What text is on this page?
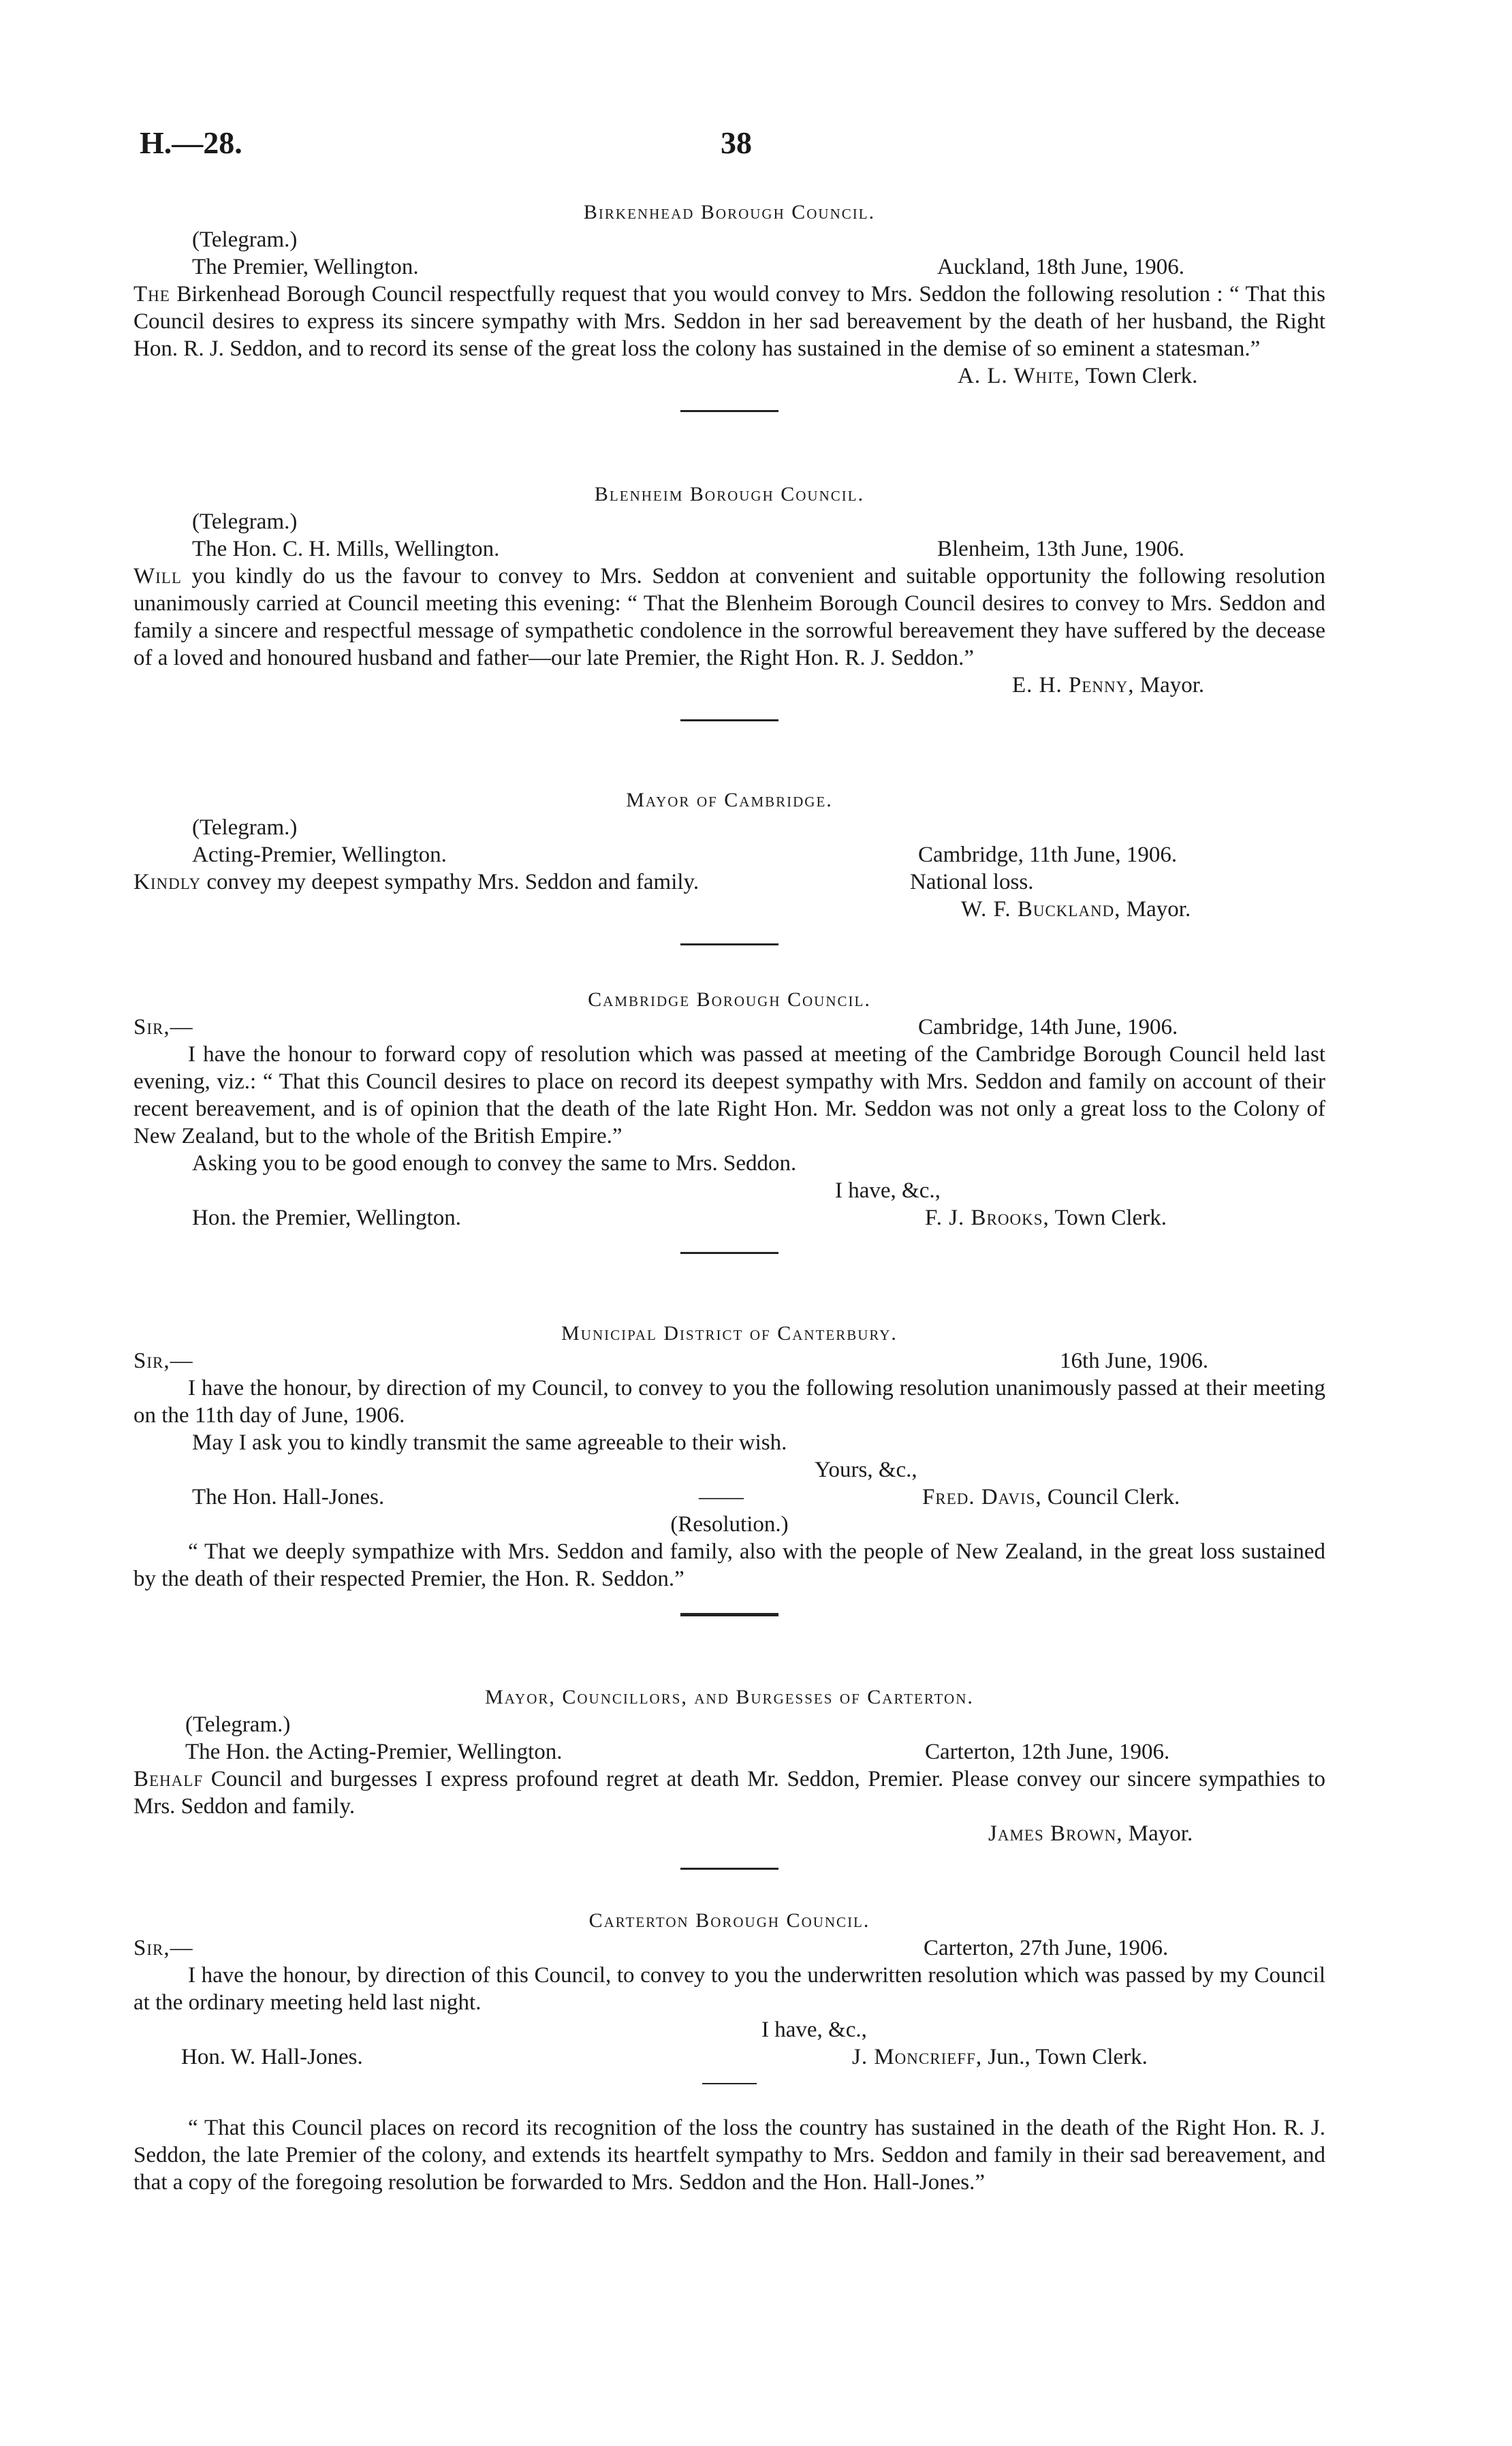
H.—28.	38
Birkenhead Borough Council.
(Telegram.)
The Premier, Wellington.	Auckland, 18th June, 1906.
The Birkenhead Borough Council respectfully request that you would convey to Mrs. Seddon the following resolution : “ That this Council desires to express its sincere sympathy with Mrs. Seddon in her sad bereavement by the death of her husband, the Right Hon. R. J. Seddon, and to record its sense of the great loss the colony has sustained in the demise of so eminent a statesman.”
A. L. White, Town Clerk.
Blenheim Borough Council.
(Telegram.)
The Hon. C. H. Mills, Wellington.	Blenheim, 13th June, 1906.
Will you kindly do us the favour to convey to Mrs. Seddon at convenient and suitable opportunity the following resolution unanimously carried at Council meeting this evening: “ That the Blenheim Borough Council desires to convey to Mrs. Seddon and family a sincere and respectful message of sympathetic condolence in the sorrowful bereavement they have suffered by the decease of a loved and honoured husband and father—our late Premier, the Right Hon. R. J. Seddon.”
E. H. Penny, Mayor.
Mayor of Cambridge.
(Telegram.)
Acting-Premier, Wellington.	Cambridge, 11th June, 1906.
Kindly convey my deepest sympathy Mrs. Seddon and family.	National loss.
W. F. Buckland, Mayor.
Cambridge Borough Council.
Sir,—	Cambridge, 14th June, 1906.
I have the honour to forward copy of resolution which was passed at meeting of the Cambridge Borough Council held last evening, viz.: “ That this Council desires to place on record its deepest sympathy with Mrs. Seddon and family on account of their recent bereavement, and is of opinion that the death of the late Right Hon. Mr. Seddon was not only a great loss to the Colony of New Zealand, but to the whole of the British Empire.”
Asking you to be good enough to convey the same to Mrs. Seddon.
I have, &c.,
Hon. the Premier, Wellington.	F. J. Brooks, Town Clerk.
Municipal District of Canterbury.
Sir,—	16th June, 1906.
I have the honour, by direction of my Council, to convey to you the following resolution unanimously passed at their meeting on the 11th day of June, 1906.
May I ask you to kindly transmit the same agreeable to their wish.
Yours, &c.,
The Hon. Hall-Jones.	——	Fred. Davis, Council Clerk.
(Resolution.)
“ That we deeply sympathize with Mrs. Seddon and family, also with the people of New Zealand, in the great loss sustained by the death of their respected Premier, the Hon. R. Seddon.”
Mayor, Councillors, and Burgesses of Carterton.
(Telegram.)
The Hon. the Acting-Premier, Wellington.	Carterton, 12th June, 1906.
Behalf Council and burgesses I express profound regret at death Mr. Seddon, Premier. Please convey our sincere sympathies to Mrs. Seddon and family.
James Brown, Mayor.
Carterton Borough Council.
Sir,—	Carterton, 27th June, 1906.
I have the honour, by direction of this Council, to convey to you the underwritten resolution which was passed by my Council at the ordinary meeting held last night.
I have, &c.,
Hon. W. Hall-Jones.	J. Moncrieff, Jun., Town Clerk.
“ That this Council places on record its recognition of the loss the country has sustained in the death of the Right Hon. R. J. Seddon, the late Premier of the colony, and extends its heartfelt sympathy to Mrs. Seddon and family in their sad bereavement, and that a copy of the foregoing resolution be forwarded to Mrs. Seddon and the Hon. Hall-Jones.”
